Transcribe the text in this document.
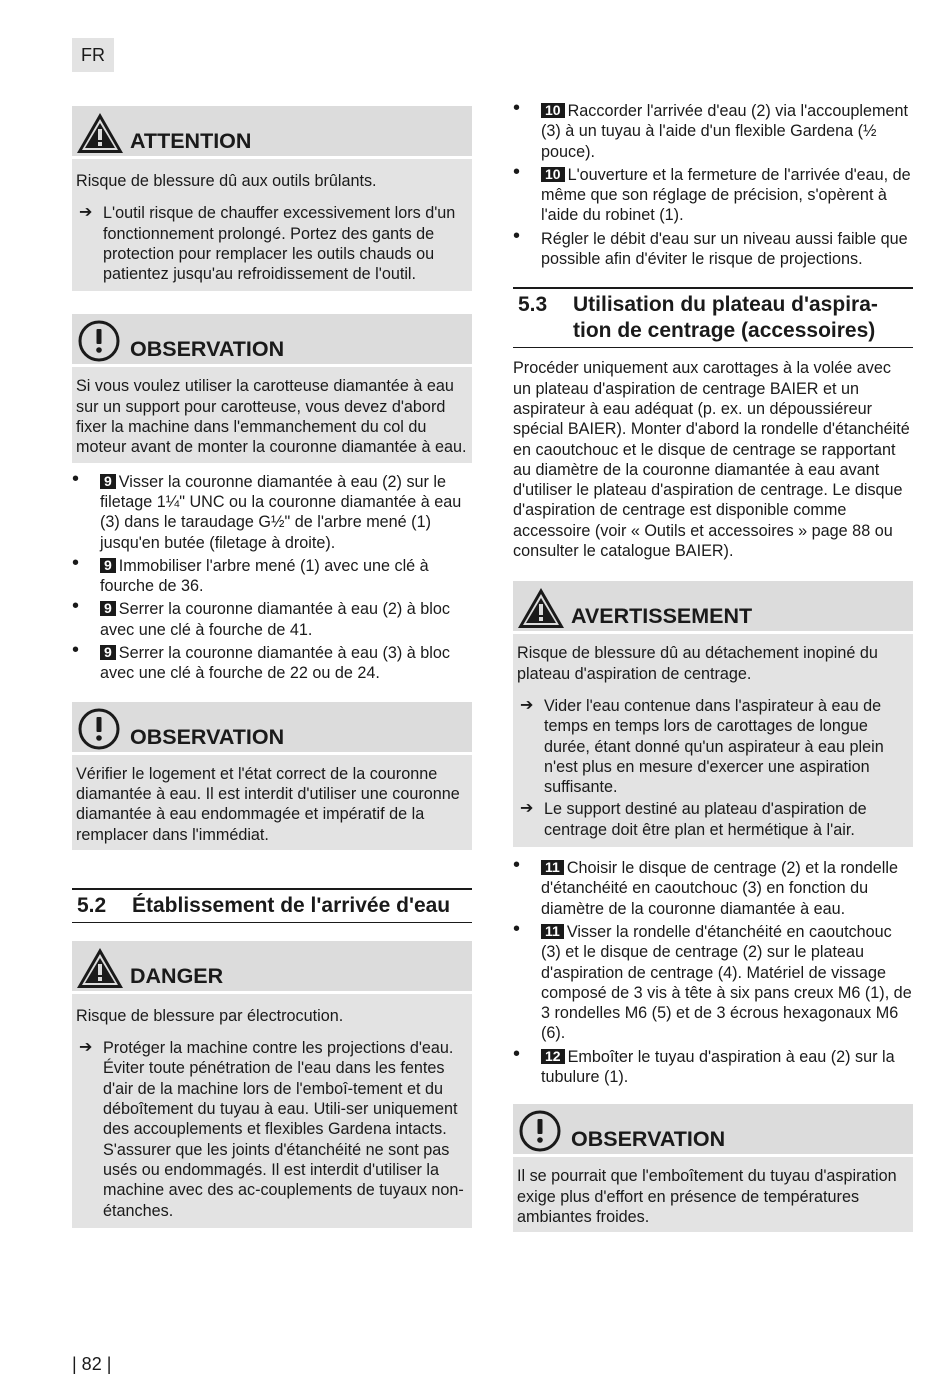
FR
ATTENTION

Risque de blessure dû aux outils brûlants.

➔ L'outil risque de chauffer excessivement lors d'un fonctionnement prolongé. Portez des gants de protection pour remplacer les outils chauds ou patientez jusqu'au refroidissement de l'outil.
OBSERVATION

Si vous voulez utiliser la carotteuse diamantée à eau sur un support pour carotteuse, vous devez d'abord fixer la machine dans l'emmanchement du col du moteur avant de monter la couronne diamantée à eau.

• 9 Visser la couronne diamantée à eau (2) sur le filetage 1¼" UNC ou la couronne diamantée à eau (3) dans le taraudage G½" de l'arbre mené (1) jusqu'en butée (filetage à droite).
• 9 Immobiliser l'arbre mené (1) avec une clé à fourche de 36.
• 9 Serrer la couronne diamantée à eau (2) à bloc avec une clé à fourche de 41.
• 9 Serrer la couronne diamantée à eau (3) à bloc avec une clé à fourche de 22 ou de 24.
OBSERVATION

Vérifier le logement et l'état correct de la couronne diamantée à eau. Il est interdit d'utiliser une couronne diamantée à eau endommagée et impératif de la remplacer dans l'immédiat.

5.2	Établissement de l'arrivée d'eau
DANGER

Risque de blessure par électrocution.

➔ Protéger la machine contre les projections d'eau. Éviter toute pénétration de l'eau dans les fentes d'air de la machine lors de l'emboî-tement et du déboîtement du tuyau à eau. Utili-ser uniquement des accouplements et flexibles Gardena intacts. S'assurer que les joints d'étanchéité ne sont pas usés ou endommagés. Il est interdit d'utiliser la machine avec des ac-couplements de tuyaux non-étanches.
• 10 Raccorder l'arrivée d'eau (2) via l'accouplement (3) à un tuyau à l'aide d'un flexible Gardena (½ pouce).
• 10 L'ouverture et la fermeture de l'arrivée d'eau, de même que son réglage de précision, s'opèrent à l'aide du robinet (1).
• Régler le débit d'eau sur un niveau aussi faible que possible afin d'éviter le risque de projections.
5.3	Utilisation du plateau d'aspira-tion de centrage (accessoires)

Procéder uniquement aux carottages à la volée avec un plateau d'aspiration de centrage BAIER et un aspirateur à eau adéquat (p. ex. un dépoussiéreur spécial BAIER). Monter d'abord la rondelle d'étanchéité en caoutchouc et le disque de centrage se rapportant au diamètre de la couronne diamantée à eau avant d'utiliser le plateau d'aspiration de centrage. Le disque d'aspiration de centrage est disponible comme accessoire (voir « Outils et accessoires » page 88 ou consulter le catalogue BAIER).

AVERTISSEMENT

Risque de blessure dû au détachement inopiné du plateau d'aspiration de centrage.

➔ Vider l'eau contenue dans l'aspirateur à eau de temps en temps lors de carottages de longue durée, étant donné qu'un aspirateur à eau plein n'est plus en mesure d'exercer une aspiration suffisante.
➔ Le support destiné au plateau d'aspiration de centrage doit être plan et hermétique à l'air.
• 11 Choisir le disque de centrage (2) et la rondelle d'étanchéité en caoutchouc (3) en fonction du diamètre de la couronne diamantée à eau.
• 11 Visser la rondelle d'étanchéité en caoutchouc (3) et le disque de centrage (2) sur le plateau d'aspiration de centrage (4). Matériel de vissage composé de 3 vis à tête à six pans creux M6 (1), de 3 rondelles M6 (5) et de 3 écrous hexagonaux M6 (6).
• 12 Emboîter le tuyau d'aspiration à eau (2) sur la tubulure (1).
OBSERVATION

Il se pourrait que l'emboîtement du tuyau d'aspiration exige plus d'effort en présence de températures ambiantes froides.

| 82 |
